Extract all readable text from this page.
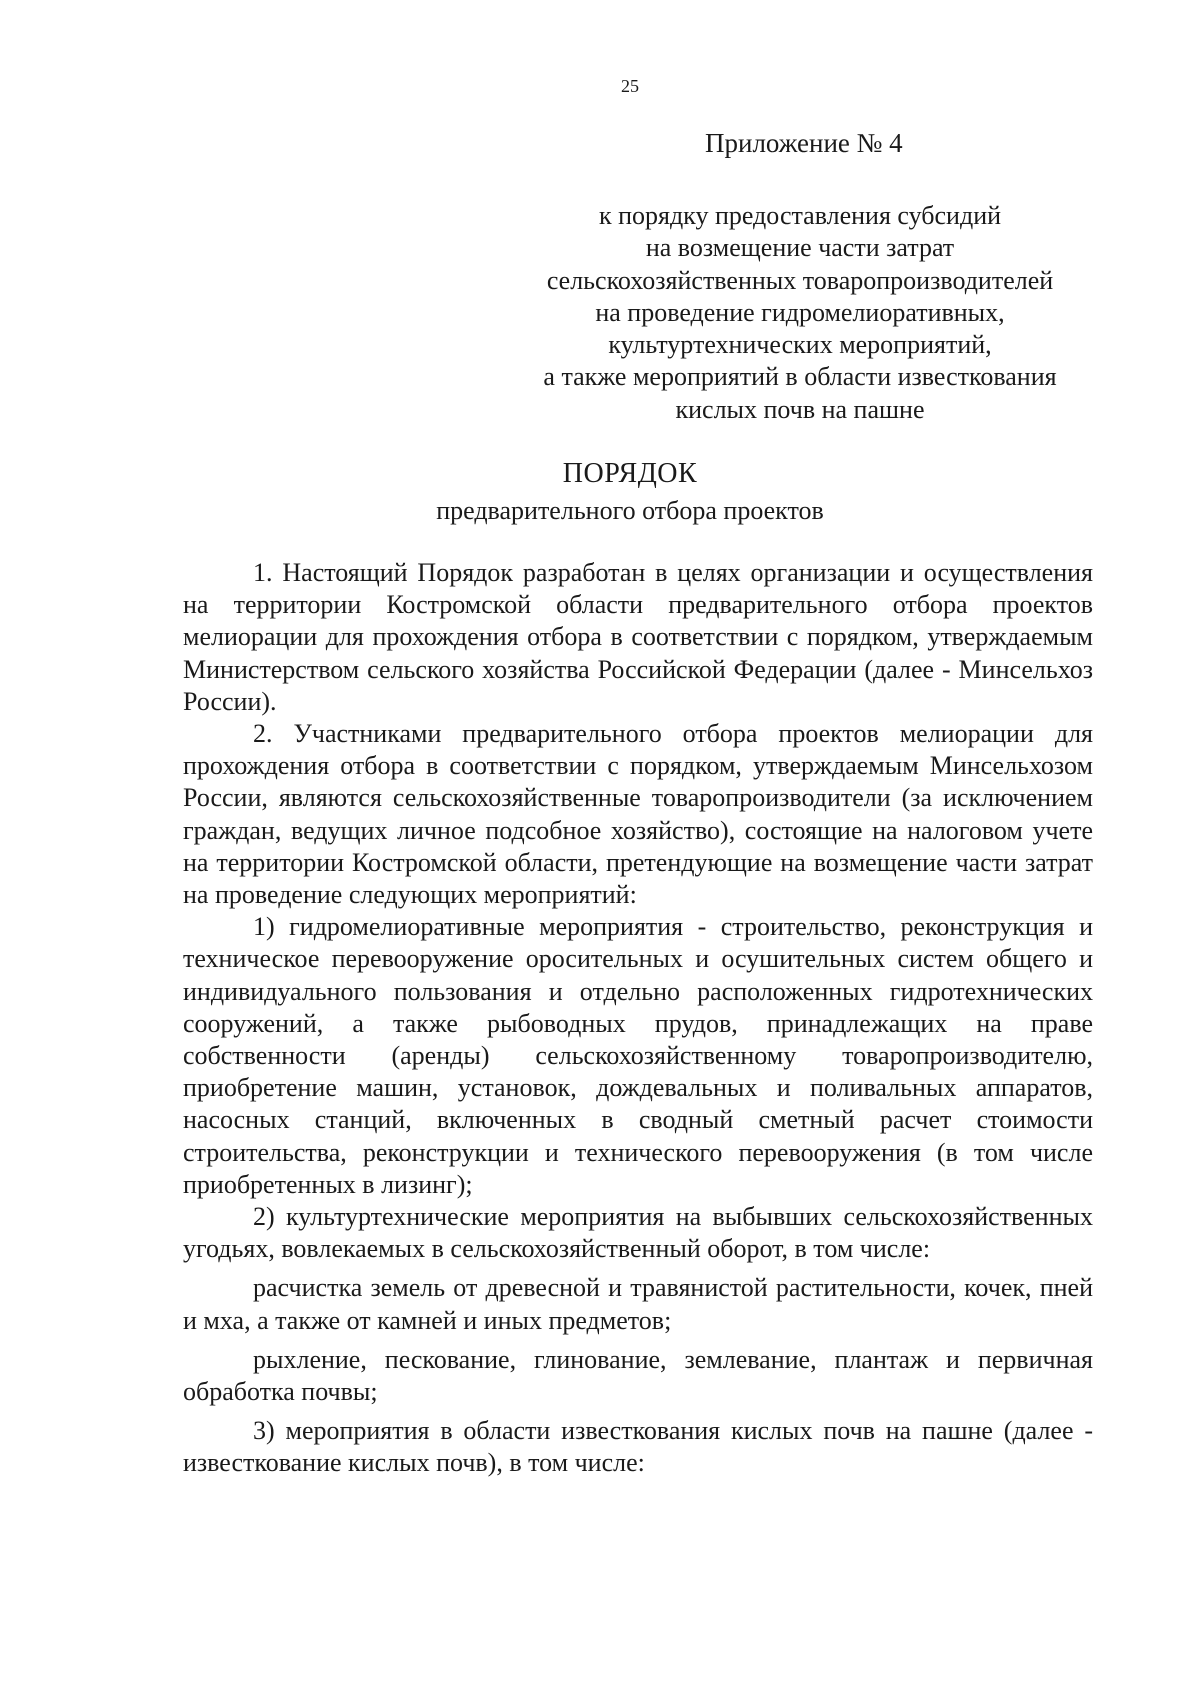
25
Приложение № 4
к порядку предоставления субсидий
на возмещение части затрат
сельскохозяйственных товаропроизводителей
на проведение гидромелиоративных,
культуртехнических мероприятий,
а также мероприятий в области известкования
кислых почв на пашне
ПОРЯДОК
предварительного отбора проектов

1. Настоящий Порядок разработан в целях организации и осуществления на территории Костромской области предварительного отбора проектов мелиорации для прохождения отбора в соответствии с порядком, утверждаемым Министерством сельского хозяйства Российской Федерации (далее - Минсельхоз России).

2. Участниками предварительного отбора проектов мелиорации для прохождения отбора в соответствии с порядком, утверждаемым Минсельхозом России, являются сельскохозяйственные товаропроизводители (за исключением граждан, ведущих личное подсобное хозяйство), состоящие на налоговом учете на территории Костромской области, претендующие на возмещение части затрат на проведение следующих мероприятий:

1) гидромелиоративные мероприятия - строительство, реконструкция и техническое перевооружение оросительных и осушительных систем общего и индивидуального пользования и отдельно расположенных гидротехнических сооружений, а также рыбоводных прудов, принадлежащих на праве собственности (аренды) сельскохозяйственному товаропроизводителю, приобретение машин, установок, дождевальных и поливальных аппаратов, насосных станций, включенных в сводный сметный расчет стоимости строительства, реконструкции и технического перевооружения (в том числе приобретенных в лизинг);

2) культуртехнические мероприятия на выбывших сельскохозяйственных угодьях, вовлекаемых в сельскохозяйственный оборот, в том числе:

расчистка земель от древесной и травянистой растительности, кочек, пней и мха, а также от камней и иных предметов;

рыхление, пескование, глинование, землевание, плантаж и первичная обработка почвы;

3) мероприятия в области известкования кислых почв на пашне (далее - известкование кислых почв), в том числе:
